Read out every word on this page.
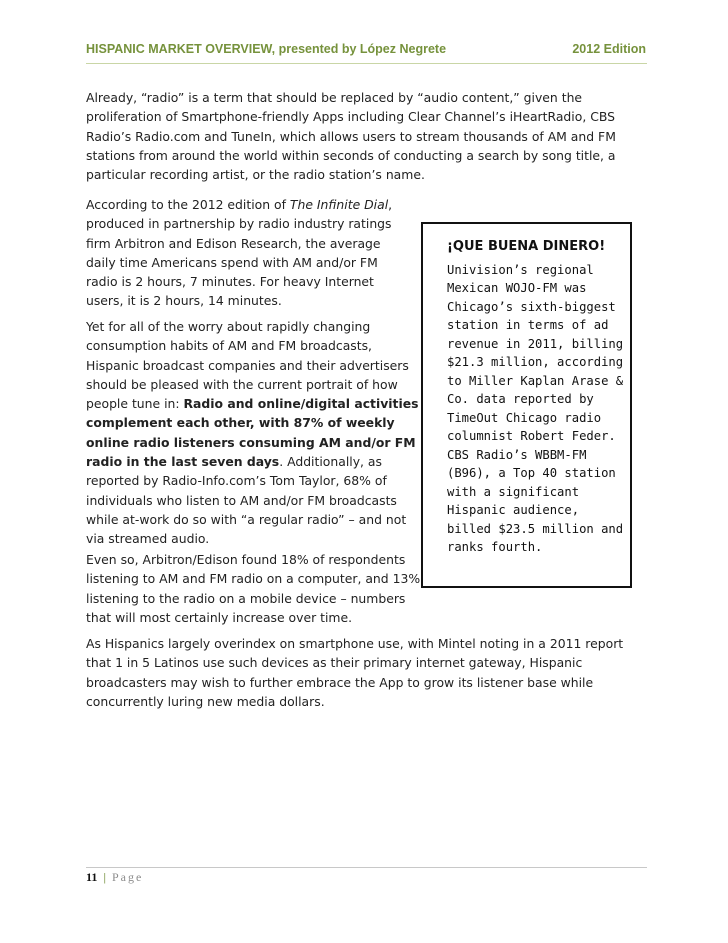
HISPANIC MARKET OVERVIEW, presented by López Negrete	2012 Edition

Already, “radio” is a term that should be replaced by “audio content,” given the proliferation of Smartphone-friendly Apps including Clear Channel’s iHeartRadio, CBS Radio’s Radio.com and TuneIn, which allows users to stream thousands of AM and FM stations from around the world within seconds of conducting a search by song title, a particular recording artist, or the radio station’s name.

According to the 2012 edition of The Infinite Dial, produced in partnership by radio industry ratings firm Arbitron and Edison Research, the average daily time Americans spend with AM and/or FM radio is 2 hours, 7 minutes. For heavy Internet users, it is 2 hours, 14 minutes.

Yet for all of the worry about rapidly changing consumption habits of AM and FM broadcasts, Hispanic broadcast companies and their advertisers should be pleased with the current portrait of how people tune in: Radio and online/digital activities complement each other, with 87% of weekly online radio listeners consuming AM and/or FM radio in the last seven days. Additionally, as reported by Radio-Info.com’s Tom Taylor, 68% of individuals who listen to AM and/or FM broadcasts while at-work do so with “a regular radio” – and not via streamed audio.

Even so, Arbitron/Edison found 18% of respondents listening to AM and FM radio on a computer, and 13% listening to the radio on a mobile device – numbers that will most certainly increase over time.

As Hispanics largely overindex on smartphone use, with Mintel noting in a 2011 report that 1 in 5 Latinos use such devices as their primary internet gateway, Hispanic broadcasters may wish to further embrace the App to grow its listener base while concurrently luring new media dollars.

¡QUE BUENA DINERO!
Univision’s regional Mexican WOJO-FM was Chicago’s sixth-biggest station in terms of ad revenue in 2011, billing $21.3 million, according to Miller Kaplan Arase & Co. data reported by TimeOut Chicago radio columnist Robert Feder. CBS Radio’s WBBM-FM (B96), a Top 40 station with a significant Hispanic audience, billed $23.5 million and ranks fourth.
11 | Page
